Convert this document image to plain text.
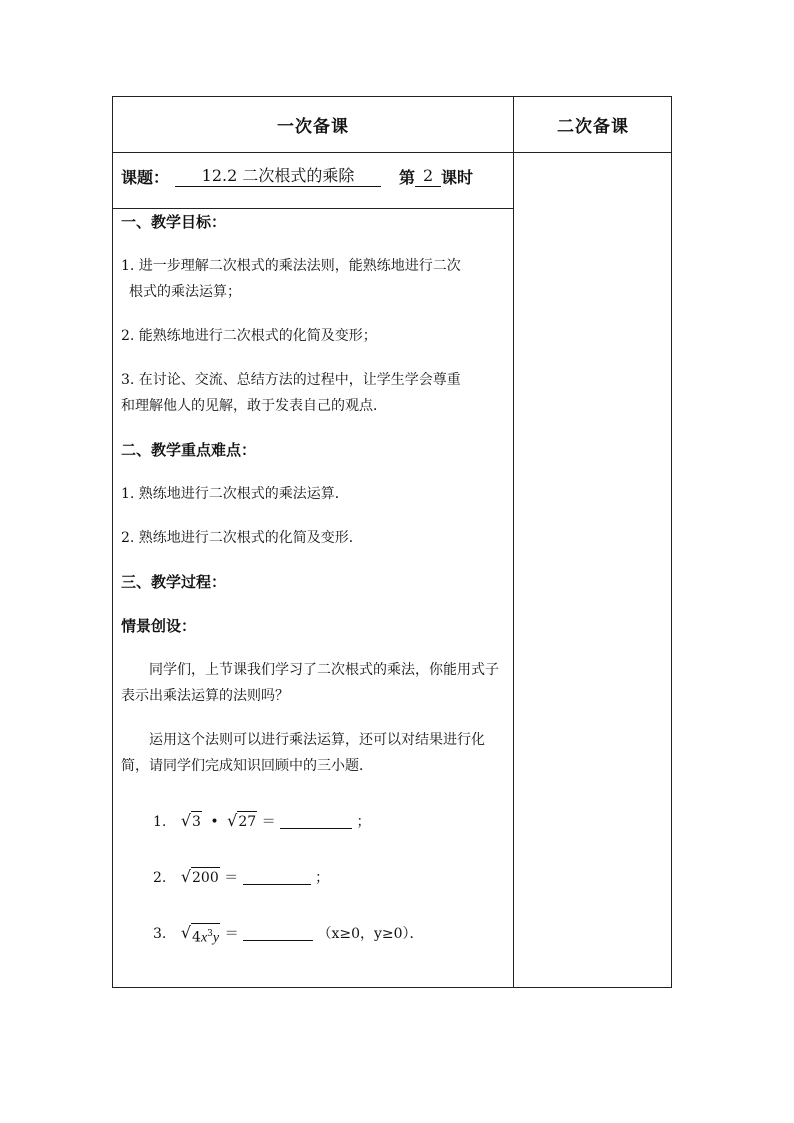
一次备课	二次备课
课题：	12.2 二次根式的乘除	第 2 课时

一、教学目标：

1. 进一步理解二次根式的乘法法则，能熟练地进行二次

根式的乘法运算；

2. 能熟练地进行二次根式的化简及变形；

3. 在讨论、交流、总结方法的过程中，让学生学会尊重

和理解他人的见解，敢于发表自己的观点．

二、教学重点难点：

1. 熟练地进行二次根式的乘法运算．

2. 熟练地进行二次根式的化简及变形．

三、教学过程：

情景创设：

同学们，上节课我们学习了二次根式的乘法，你能用式子表示出乘法运算的法则吗？

运用这个法则可以进行乘法运算，还可以对结果进行化简，请同学们完成知识回顾中的三小题．

1. √ 3 • √ 27 ＝	；
2. √ 200 ＝	；
3. √ $4x^3y$ ＝	（x≥0，y≥0）．
